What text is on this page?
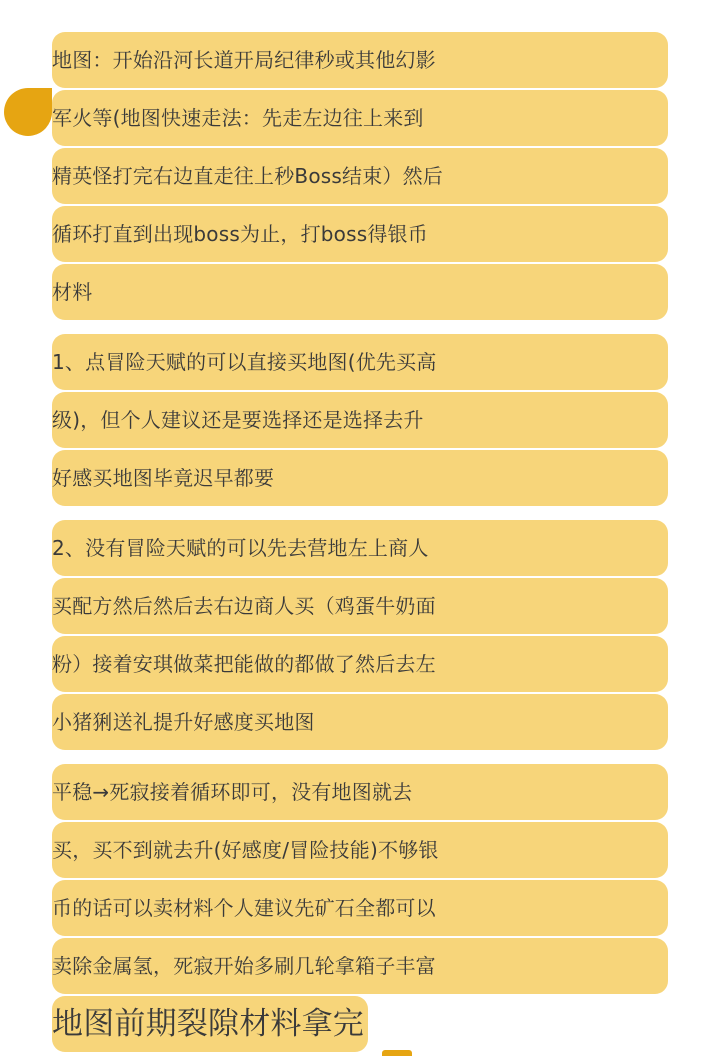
地图：开始沿河长道开局纪律秒或其他幻影
军火等(地图快速走法：先走左边往上来到
精英怪打完右边直走往上秒Boss结束）然后
循环打直到出现boss为止，打boss得银币
材料
1、点冒险天赋的可以直接买地图(优先买高
级)，但个人建议还是要选择还是选择去升
好感买地图毕竟迟早都要
2、没有冒险天赋的可以先去营地左上商人
买配方然后然后去右边商人买（鸡蛋牛奶面
粉）接着安琪做菜把能做的都做了然后去左
小猪猁送礼提升好感度买地图
平稳→死寂接着循环即可，没有地图就去
买，买不到就去升(好感度/冒险技能)不够银
币的话可以卖材料个人建议先矿石全都可以
卖除金属氢，死寂开始多刷几轮拿箱子丰富
地图前期裂隙材料拿完
